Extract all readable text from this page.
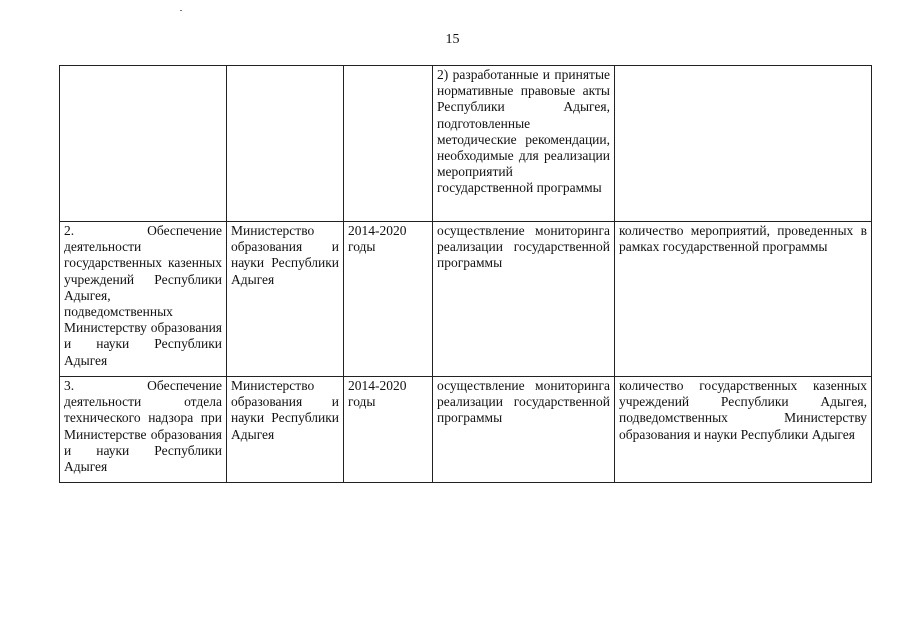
15
			2) разработанные и принятые нормативные правовые акты Республики Адыгея, подготовленные методические рекомендации, необходимые для реализации мероприятий государственной программы	
2. Обеспечение деятельности государственных казенных учреждений Республики Адыгея, подведомственных Министерству образования и науки Республики Адыгея	Министерство образования и науки Республики Адыгея	2014-2020 годы	осуществление мониторинга реализации государственной программы	количество мероприятий, проведенных в рамках государственной программы
3. Обеспечение деятельности отдела технического надзора при Министерстве образования и науки Республики Адыгея	Министерство образования и науки Республики Адыгея	2014-2020 годы	осуществление мониторинга реализации государственной программы	количество государственных казенных учреждений Республики Адыгея, подведомственных Министерству образования и науки Республики Адыгея
